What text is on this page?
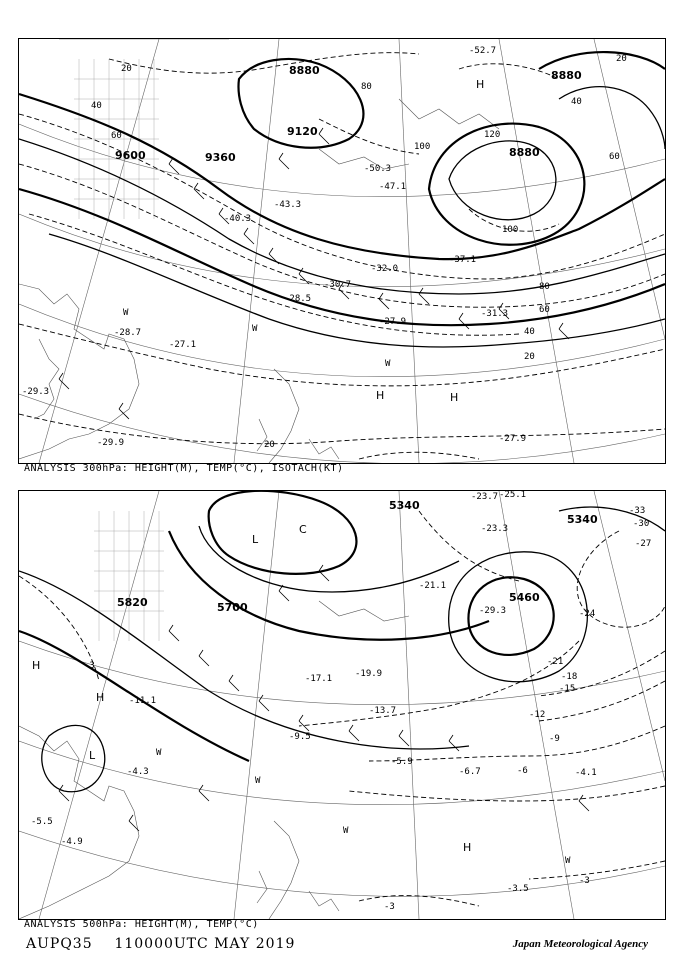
8880
9120
9360
9600	8880
8880
20
40
60
80
100
120
100
80
60
40
20
60
40
20
20
-52.7
-50.3
-47.1
-43.3
-40.3
-37.1
-32.0
-30.7
-28.5
-27.9
-31.3
-29.3
-27.9
-29.9
-27.1
-28.7
H
H	H
W
W
W
ANALYSIS 300hPa: HEIGHT(M), TEMP(°C), ISOTACH(KT)
5340
5700
5820
5340
5460
-33
-30
-27
-24
-21
-18
-15
-12
-9
-6
-3
-3
-3
-23.7 -25.1
-29.3
-23.3
-21.1
-19.9
-17.1
-13.7
-11.1
-9.5
-6.7	-4.1
-3.5
-5.9
-4.3
-4.9
-5.5
L
L
C
H
H
H
W
W
W
W
ANALYSIS 500hPa: HEIGHT(M), TEMP(°C)
AUPQ35 110000UTC MAY 2019	Japan Meteorological Agency
